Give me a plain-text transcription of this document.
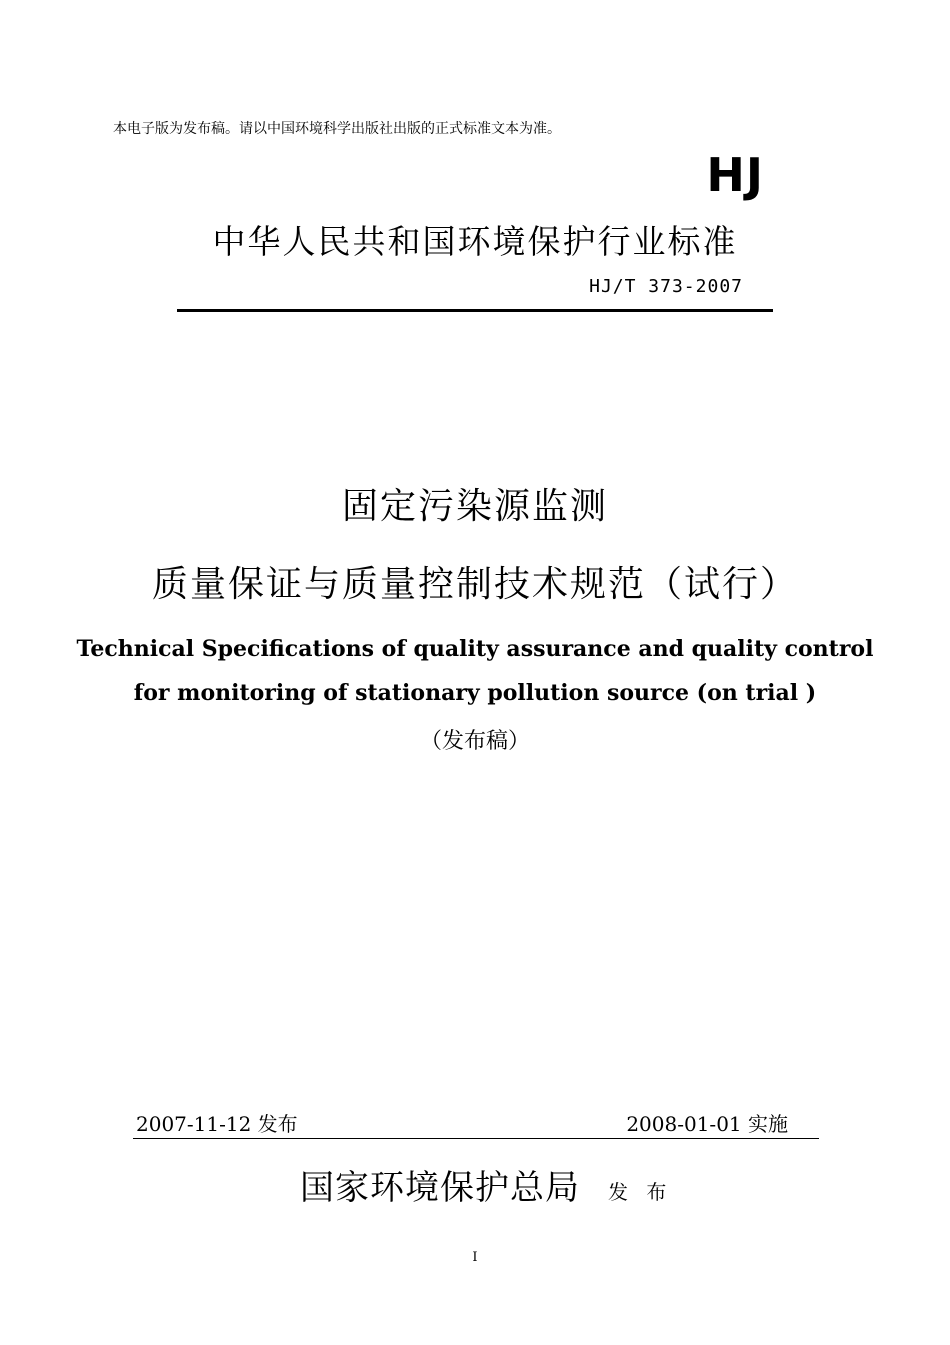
本电子版为发布稿。请以中国环境科学出版社出版的正式标准文本为准。
HJ
中华人民共和国环境保护行业标准
HJ/T 373-2007
固定污染源监测
质量保证与质量控制技术规范（试行）
Technical Specifications of quality assurance and quality control
for monitoring of stationary pollution source (on trial )
（发布稿）
2007-11-12 发布	2008-01-01 实施
国家环境保护总局 发 布
I
